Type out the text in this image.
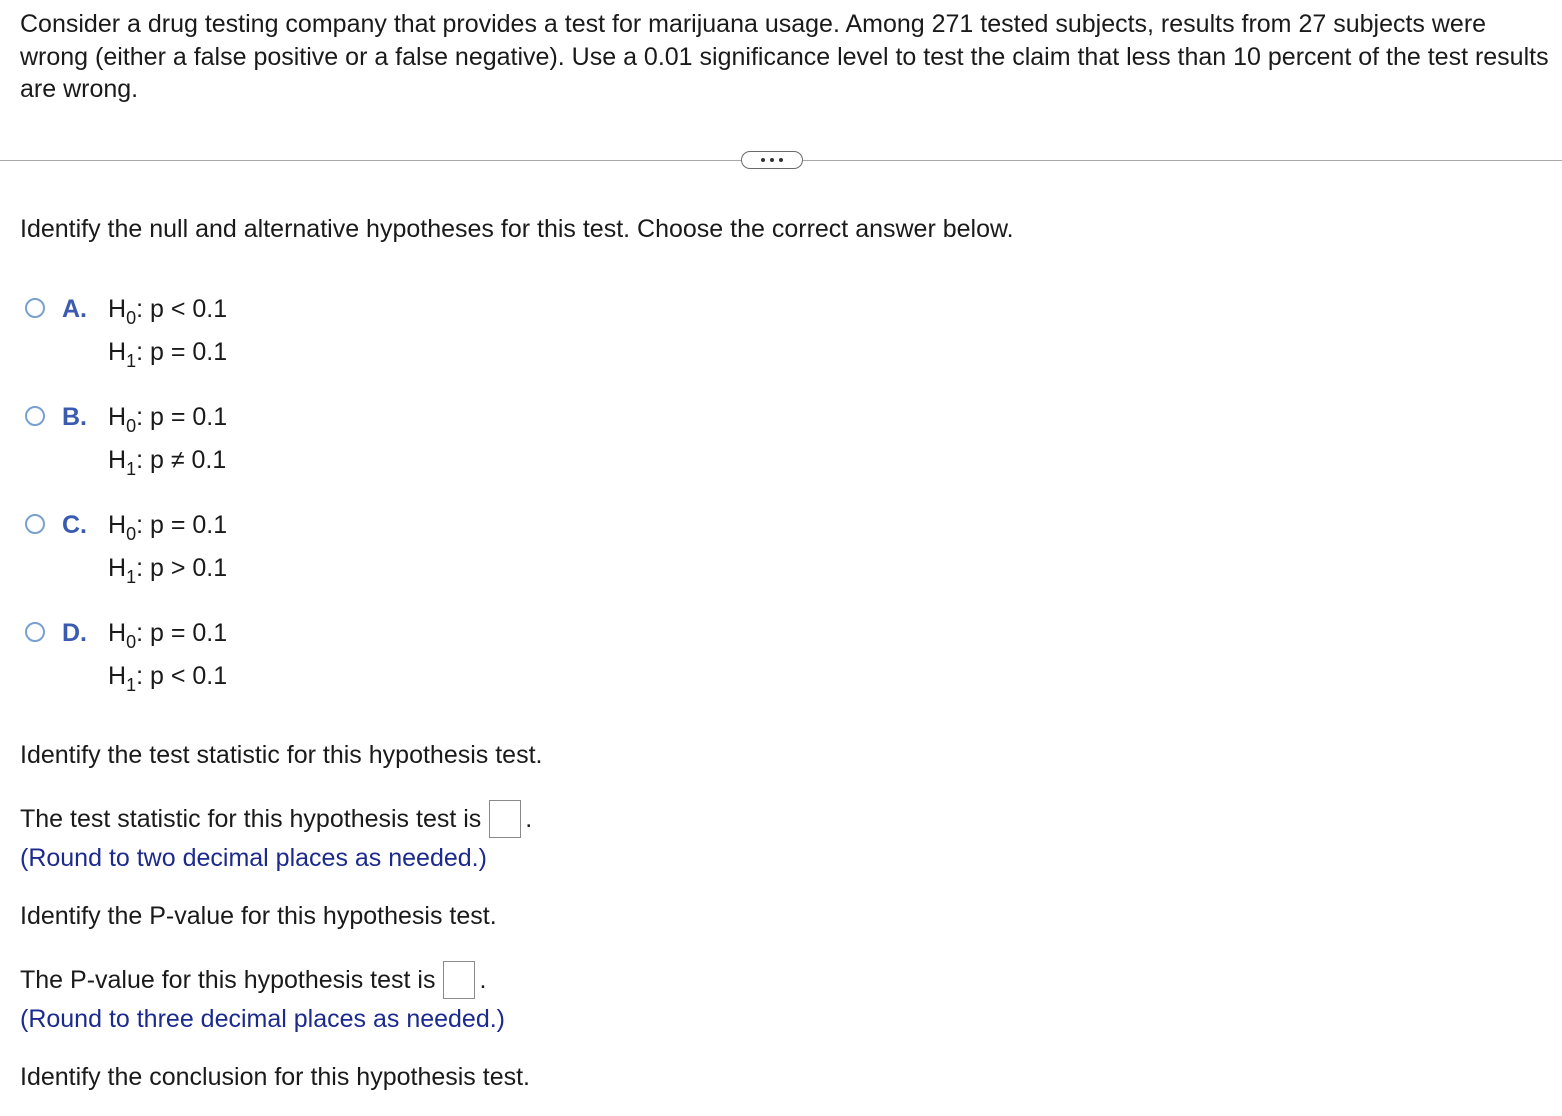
Consider a drug testing company that provides a test for marijuana usage. Among 271 tested subjects, results from 27 subjects were wrong (either a false positive or a false negative). Use a 0.01 significance level to test the claim that less than 10 percent of the test results are wrong.
Identify the null and alternative hypotheses for this test. Choose the correct answer below.
A. $H_0$: p < 0.1
$H_1$: p = 0.1
B. $H_0$: p = 0.1
$H_1$: p ≠ 0.1
C. $H_0$: p = 0.1
$H_1$: p > 0.1
D. $H_0$: p = 0.1
$H_1$: p < 0.1
Identify the test statistic for this hypothesis test.
The test statistic for this hypothesis test is .
(Round to two decimal places as needed.)
Identify the P-value for this hypothesis test.
The P-value for this hypothesis test is .
(Round to three decimal places as needed.)
Identify the conclusion for this hypothesis test.
